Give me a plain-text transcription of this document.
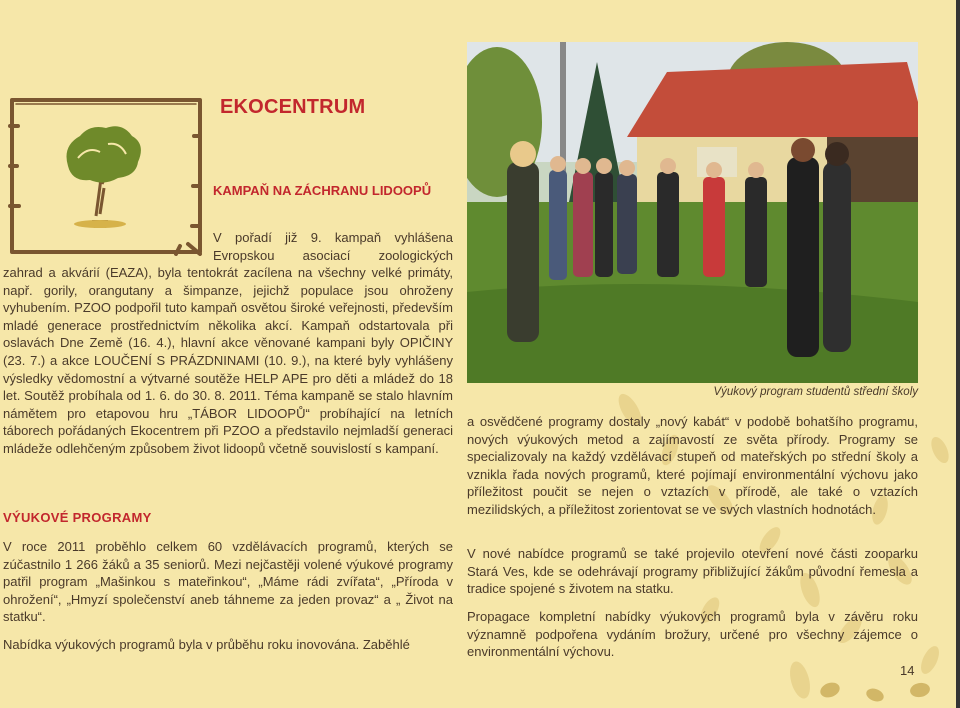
EKOCENTRUM
KAMPAŇ NA ZÁCHRANU LIDOOPŮ

V pořadí již 9. kampaň vyhlášena

Evropskou asociací zoologických

zahrad a akvárií (EAZA), byla tentokrát zacílena na všechny velké primáty, např. gorily, orangutany a šimpanze, jejichž populace jsou ohroženy vyhubením. PZOO podpořil tuto kampaň osvětou široké veřejnosti, především mladé generace prostřednictvím několika akcí. Kampaň odstartovala při oslavách Dne Země (16. 4.), hlavní akce věnované kampani byly OPIČINY (23. 7.) a akce LOUČENÍ S PRÁZDNINAMI (10. 9.), na které byly vyhlášeny výsledky vědomostní a výtvarné soutěže HELP APE pro děti a mládež do 18 let. Soutěž probíhala od 1. 6. do 30. 8. 2011. Téma kampaně se stalo hlavním námětem pro etapovou hru „TÁBOR LIDOOPŮ“ probíhající na letních táborech pořádaných Ekocentrem při PZOO a představilo nejmladší generaci mládeže odlehčeným způsobem život lidoopů včetně souvislostí s kampaní.

VÝUKOVÉ PROGRAMY

V roce 2011 proběhlo celkem 60 vzdělávacích programů, kterých se zúčastnilo 1 266 žáků a 35 seniorů. Mezi nejčastěji volené výukové programy patřil program „Mašinkou s mateřinkou“, „Máme rádi zvířata“, „Příroda v ohrožení“, „Hmyzí společenství aneb táhneme za jeden provaz“ a „ Život na statku“.

Nabídka výukových programů byla v průběhu roku inovována. Zaběhlé

Výukový program studentů střední školy

a osvědčené programy dostaly „nový kabát“ v podobě bohatšího programu, nových výukových metod a zajímavostí ze světa přírody. Programy se specializovaly na každý vzdělávací stupeň od mateřských po střední školy a vznikla řada nových programů, které pojímají environmentální výchovu jako příležitost poučit se nejen o vztazích v přírodě, ale také o vztazích mezilidských, a příležitost zorientovat se ve svých vlastních hodnotách.

V nové nabídce programů se také projevilo otevření nové části zooparku Stará Ves, kde se odehrávají programy přibližující žákům původní řemesla a tradice spojené s životem na statku.

Propagace kompletní nabídky výukových programů byla v závěru roku významně podpořena vydáním brožury, určené pro všechny zájemce o environmentální výchovu.

14
